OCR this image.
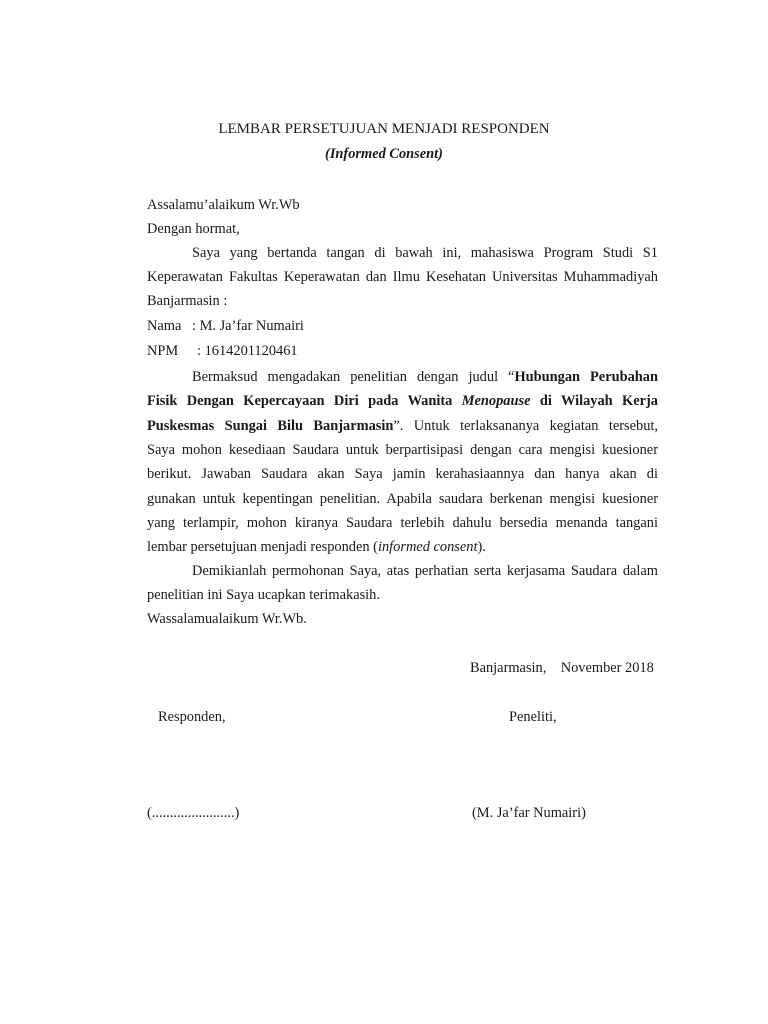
LEMBAR PERSETUJUAN MENJADI RESPONDEN
(Informed Consent)
Assalamu’alaikum Wr.Wb
Dengan hormat,
Saya yang bertanda tangan di bawah ini, mahasiswa Program Studi S1
Keperawatan Fakultas Keperawatan dan Ilmu Kesehatan Universitas Muhammadiyah
Banjarmasin :
Nama : M. Ja’far Numairi
NPM : 1614201120461
Bermaksud mengadakan penelitian dengan judul “Hubungan Perubahan
Fisik Dengan Kepercayaan Diri pada Wanita Menopause di Wilayah Kerja
Puskesmas Sungai Bilu Banjarmasin”. Untuk terlaksananya kegiatan tersebut,
Saya mohon kesediaan Saudara untuk berpartisipasi dengan cara mengisi kuesioner
berikut. Jawaban Saudara akan Saya jamin kerahasiaannya dan hanya akan di
gunakan untuk kepentingan penelitian. Apabila saudara berkenan mengisi kuesioner
yang terlampir, mohon kiranya Saudara terlebih dahulu bersedia menanda tangani
lembar persetujuan menjadi responden (informed consent).
Demikianlah permohonan Saya, atas perhatian serta kerjasama Saudara dalam
penelitian ini Saya ucapkan terimakasih.
Wassalamualaikum Wr.Wb.
Banjarmasin,    November 2018
Responden,	Peneliti,
(.......................)	(M. Ja’far Numairi)
